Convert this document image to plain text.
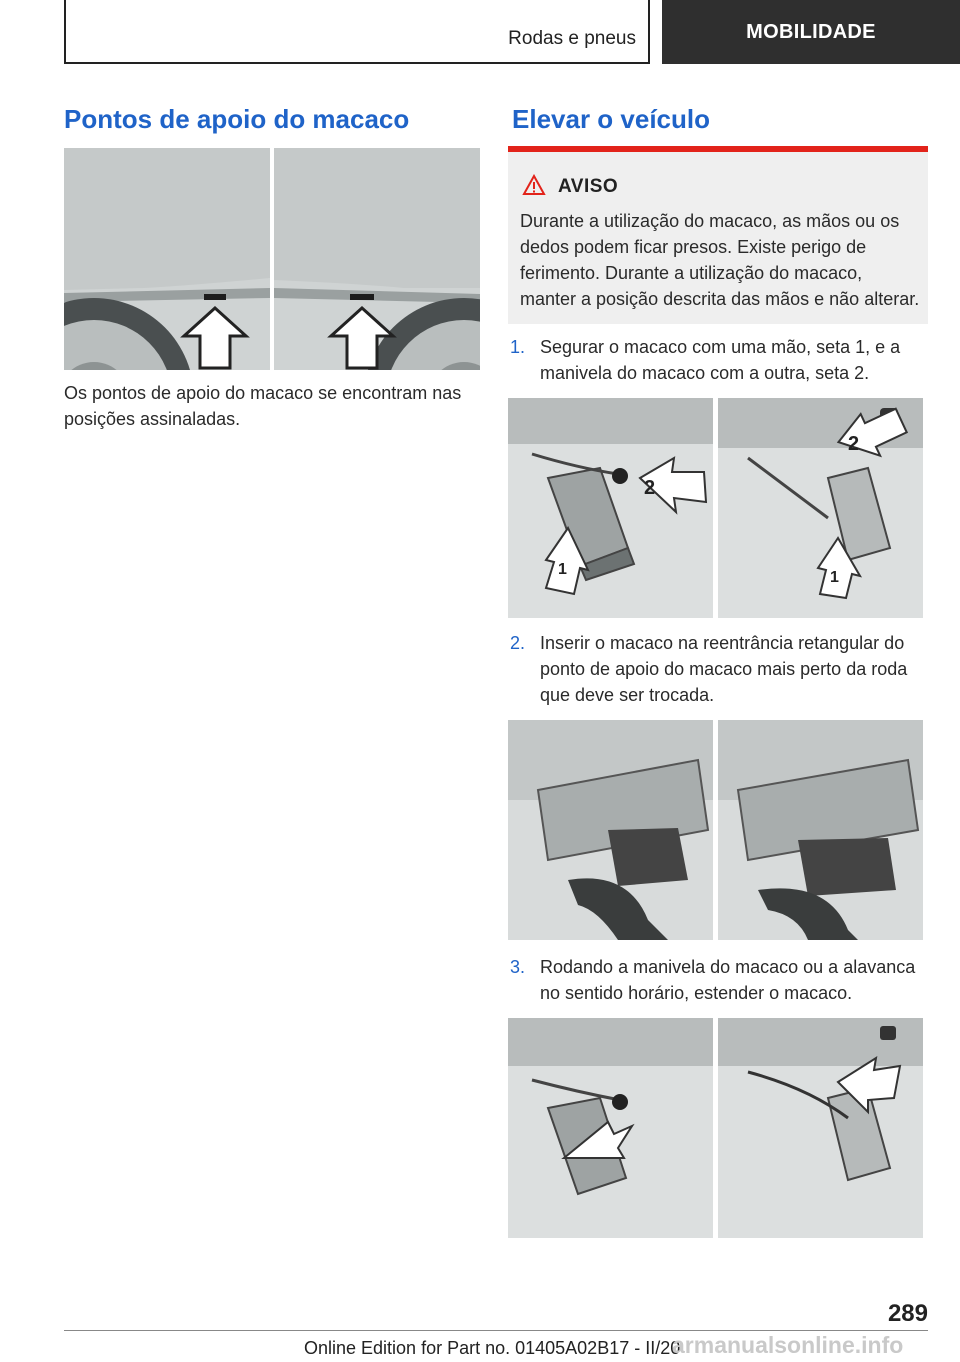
Rodas e pneus	MOBILIDADE
Pontos de apoio do macaco
Os pontos de apoio do macaco se encontram nas posições assinaladas.
Elevar o veículo
AVISO
Durante a utilização do macaco, as mãos ou os dedos podem ficar presos. Existe perigo de ferimento. Durante a utilização do macaco, manter a posição descrita das mãos e não alterar.
1. Segurar o macaco com uma mão, seta 1, e a manivela do macaco com a outra, seta 2.
2
1
2
1
2. Inserir o macaco na reentrância retangular do ponto de apoio do macaco mais perto da roda que deve ser trocada.
3. Rodando a manivela do macaco ou a alavanca no sentido horário, estender o macaco.
289
Online Edition for Part no. 01405A02B17 - II/20
armanualsonline.info
